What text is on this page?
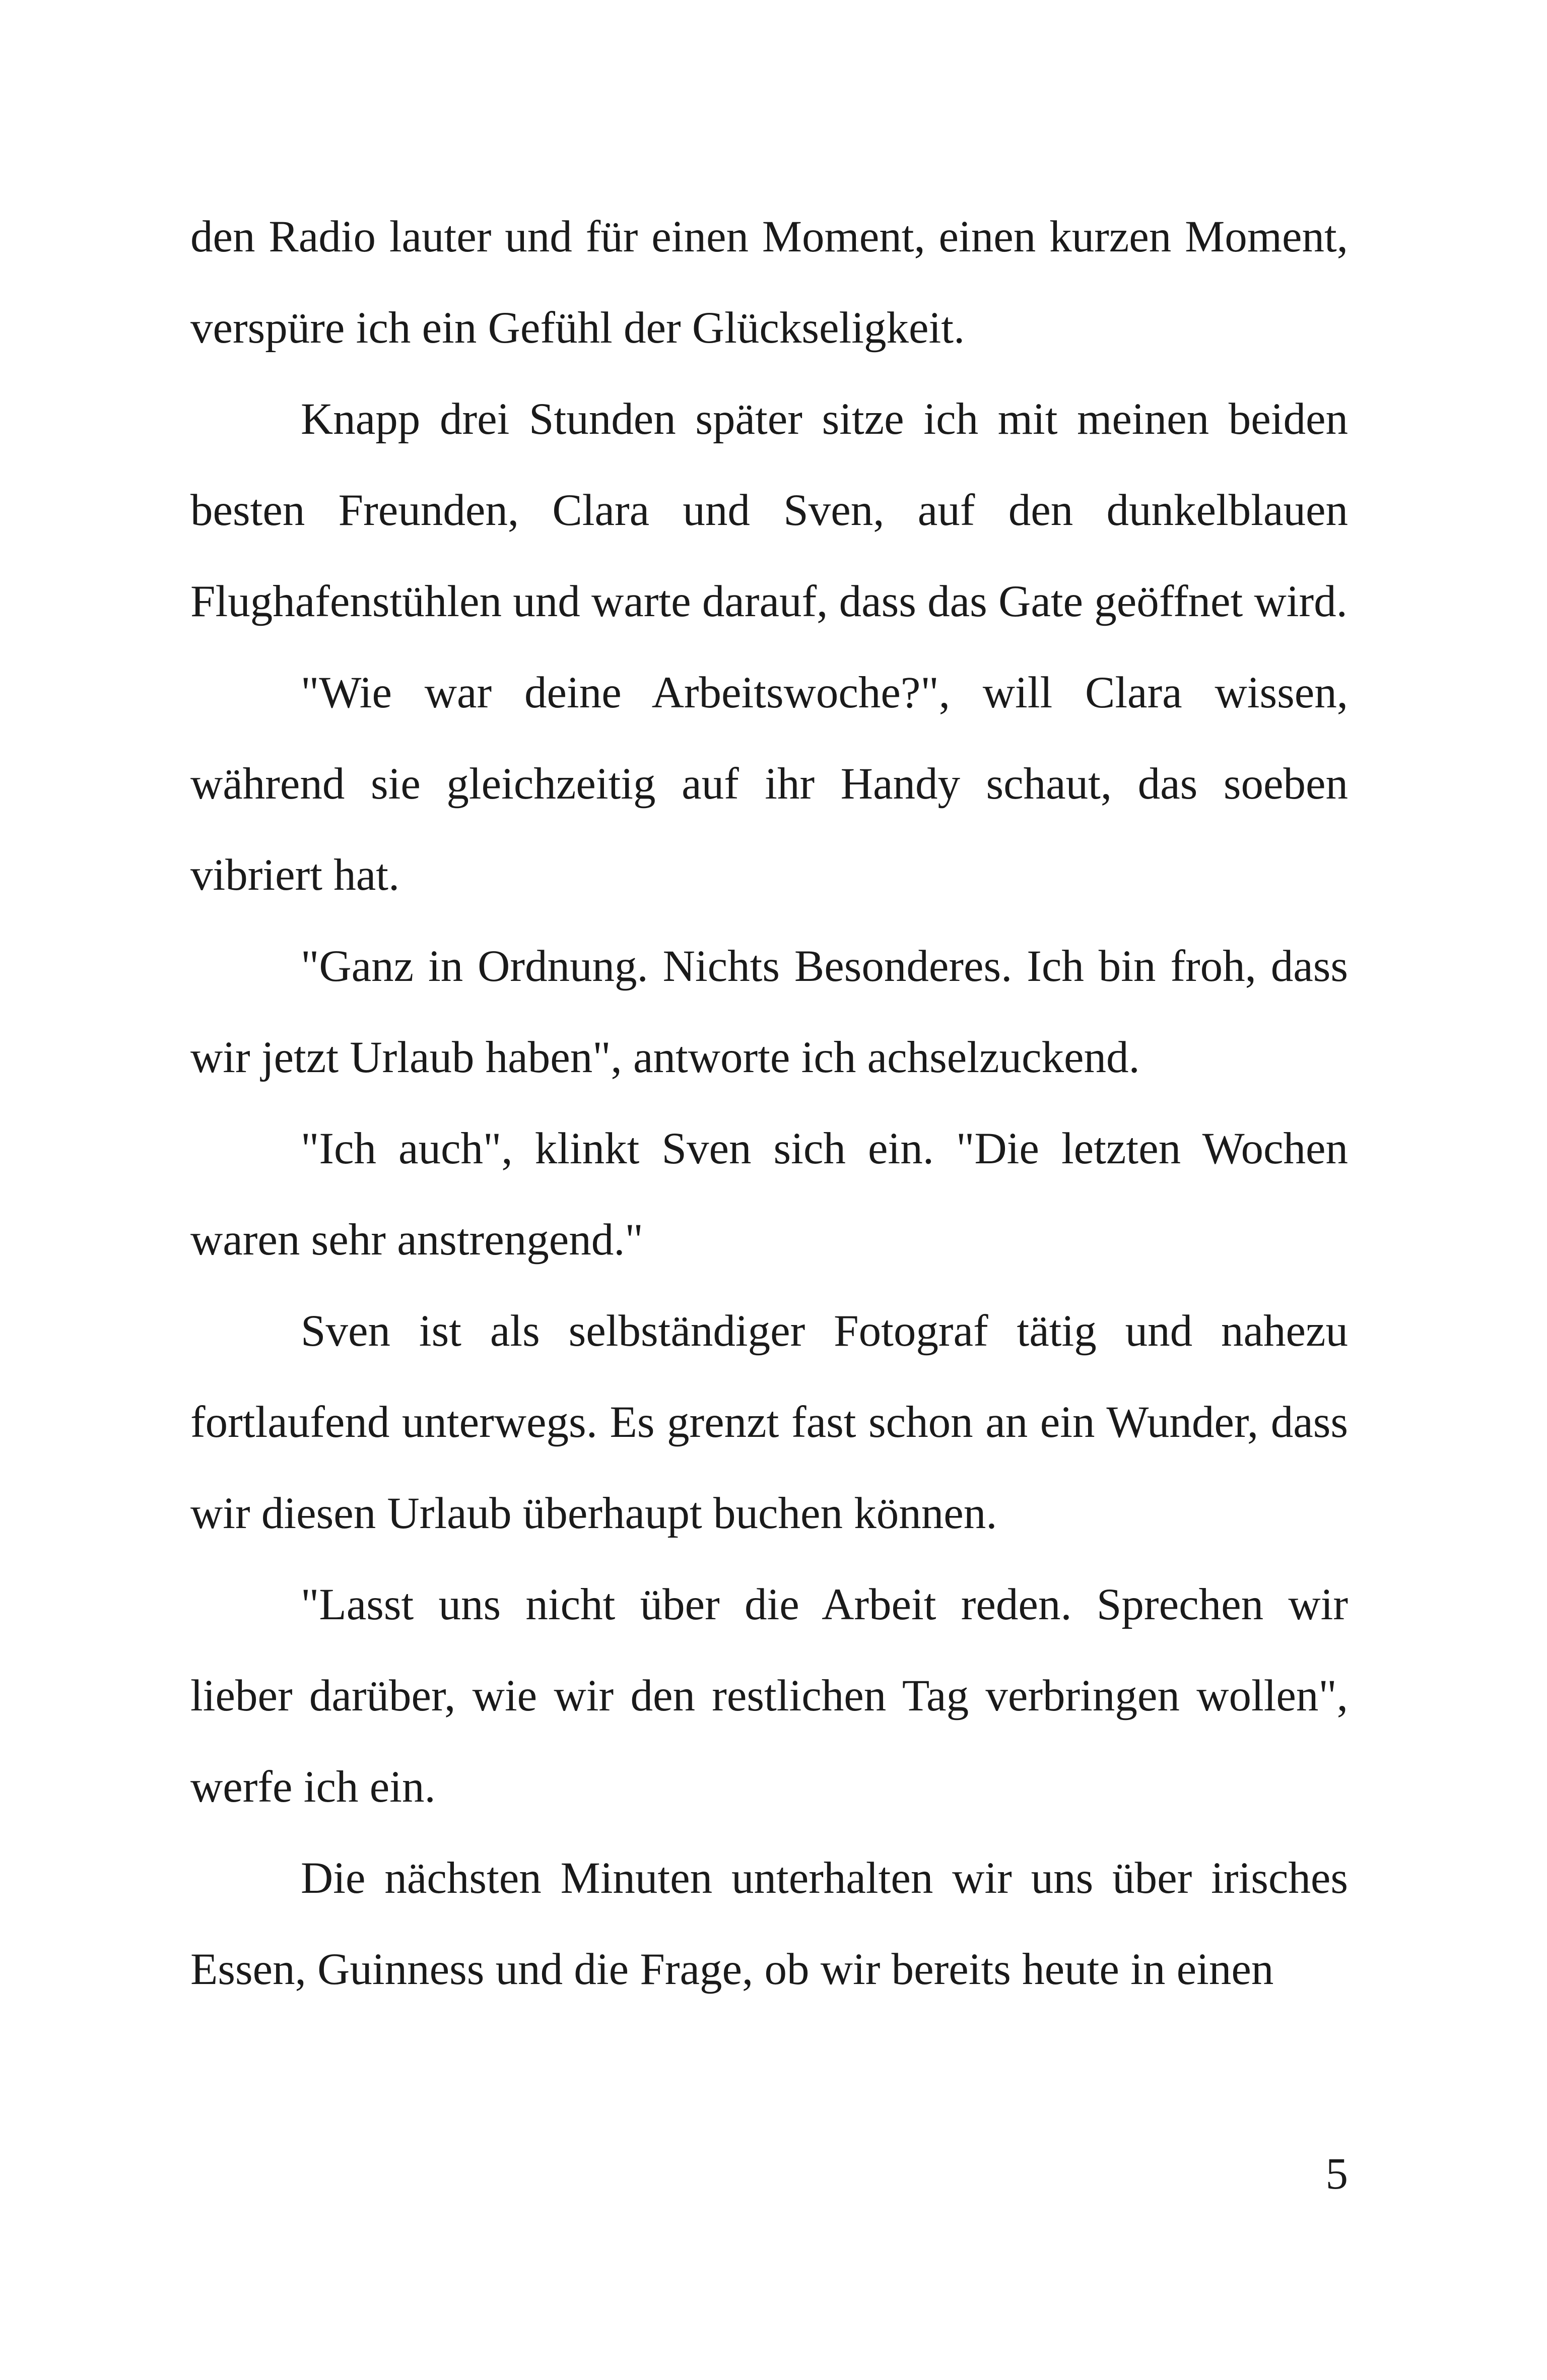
den Radio lauter und für einen Moment, einen kurzen Moment, verspüre ich ein Gefühl der Glückseligkeit.

Knapp drei Stunden später sitze ich mit meinen beiden besten Freunden, Clara und Sven, auf den dunkelblauen Flughafenstühlen und warte darauf, dass das Gate geöffnet wird.

"Wie war deine Arbeitswoche?", will Clara wissen, während sie gleichzeitig auf ihr Handy schaut, das soeben vibriert hat.

"Ganz in Ordnung. Nichts Besonderes. Ich bin froh, dass wir jetzt Urlaub haben", antworte ich achselzuckend.

"Ich auch", klinkt Sven sich ein. "Die letzten Wochen waren sehr anstrengend."

Sven ist als selbständiger Fotograf tätig und nahezu fortlaufend unterwegs. Es grenzt fast schon an ein Wunder, dass wir diesen Urlaub überhaupt buchen können.

"Lasst uns nicht über die Arbeit reden. Sprechen wir lieber darüber, wie wir den restlichen Tag verbringen wollen", werfe ich ein.

Die nächsten Minuten unterhalten wir uns über irisches Essen, Guinness und die Frage, ob wir bereits heute in einen

5
